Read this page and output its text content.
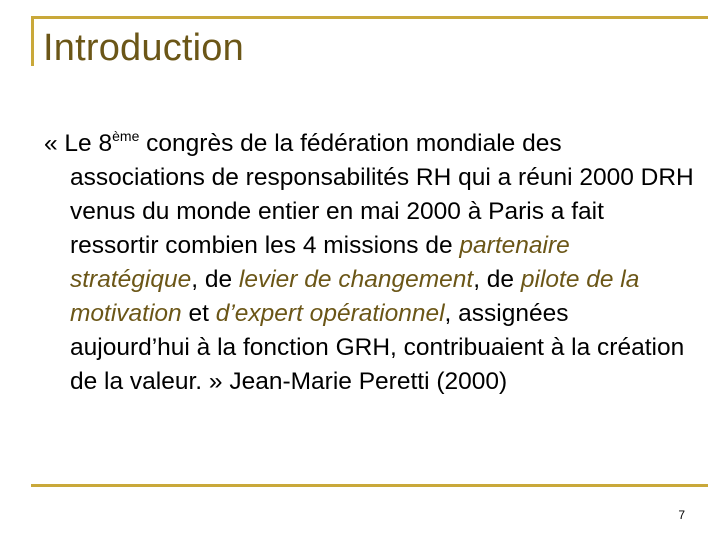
Introduction

« Le 8ème congrès de la fédération mondiale des associations de responsabilités RH qui a réuni 2000 DRH venus du monde entier en mai 2000 à Paris a fait ressortir combien les 4 missions de partenaire stratégique, de levier de changement, de pilote de la motivation et d’expert opérationnel, assignées aujourd’hui à la fonction GRH, contribuaient à la création de la valeur. » Jean-Marie Peretti (2000)

7
